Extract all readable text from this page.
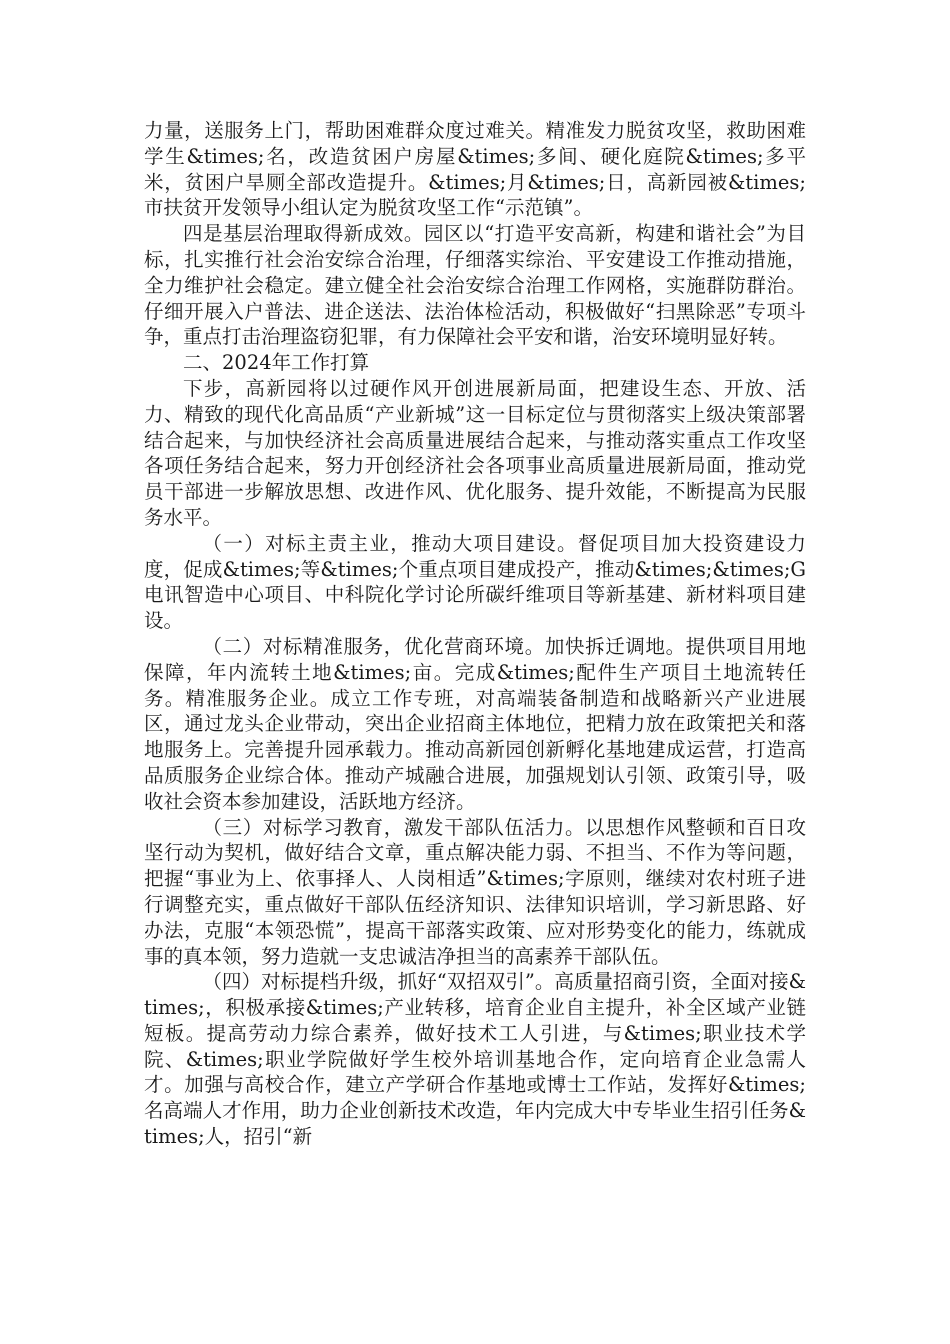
力量，送服务上门，帮助困难群众度过难关。精准发力脱贫攻坚，救助困难学生&times;名，改造贫困户房屋&times;多间、硬化庭院&times;多平米，贫困户旱厕全部改造提升。&times;月&times;日，高新园被&times;市扶贫开发领导小组认定为脱贫攻坚工作“示范镇”。

四是基层治理取得新成效。园区以“打造平安高新，构建和谐社会”为目标，扎实推行社会治安综合治理，仔细落实综治、平安建设工作推动措施，全力维护社会稳定。建立健全社会治安综合治理工作网格，实施群防群治。仔细开展入户普法、进企送法、法治体检活动，积极做好“扫黑除恶”专项斗争，重点打击治理盗窃犯罪，有力保障社会平安和谐，治安环境明显好转。

二、2024年工作打算

下步，高新园将以过硬作风开创进展新局面，把建设生态、开放、活力、精致的现代化高品质“产业新城”这一目标定位与贯彻落实上级决策部署结合起来，与加快经济社会高质量进展结合起来，与推动落实重点工作攻坚各项任务结合起来，努力开创经济社会各项事业高质量进展新局面，推动党员干部进一步解放思想、改进作风、优化服务、提升效能，不断提高为民服务水平。

（一）对标主责主业，推动大项目建设。督促项目加大投资建设力度，促成&times;等&times;个重点项目建成投产，推动&times;&times;G电讯智造中心项目、中科院化学讨论所碳纤维项目等新基建、新材料项目建设。

（二）对标精准服务，优化营商环境。加快拆迁调地。提供项目用地保障，年内流转土地&times;亩。完成&times;配件生产项目土地流转任务。精准服务企业。成立工作专班，对高端装备制造和战略新兴产业进展区，通过龙头企业带动，突出企业招商主体地位，把精力放在政策把关和落地服务上。完善提升园承载力。推动高新园创新孵化基地建成运营，打造高品质服务企业综合体。推动产城融合进展，加强规划认引领、政策引导，吸收社会资本参加建设，活跃地方经济。

（三）对标学习教育，激发干部队伍活力。以思想作风整顿和百日攻坚行动为契机，做好结合文章，重点解决能力弱、不担当、不作为等问题，把握“事业为上、依事择人、人岗相适”&times;字原则，继续对农村班子进行调整充实，重点做好干部队伍经济知识、法律知识培训，学习新思路、好办法，克服“本领恐慌”，提高干部落实政策、应对形势变化的能力，练就成事的真本领，努力造就一支忠诚洁净担当的高素养干部队伍。

（四）对标提档升级，抓好“双招双引”。高质量招商引资，全面对接&times;，积极承接&times;产业转移，培育企业自主提升，补全区域产业链短板。提高劳动力综合素养，做好技术工人引进，与&times;职业技术学院、&times;职业学院做好学生校外培训基地合作，定向培育企业急需人才。加强与高校合作，建立产学研合作基地或博士工作站，发挥好&times;名高端人才作用，助力企业创新技术改造，年内完成大中专毕业生招引任务&times;人，招引“新
